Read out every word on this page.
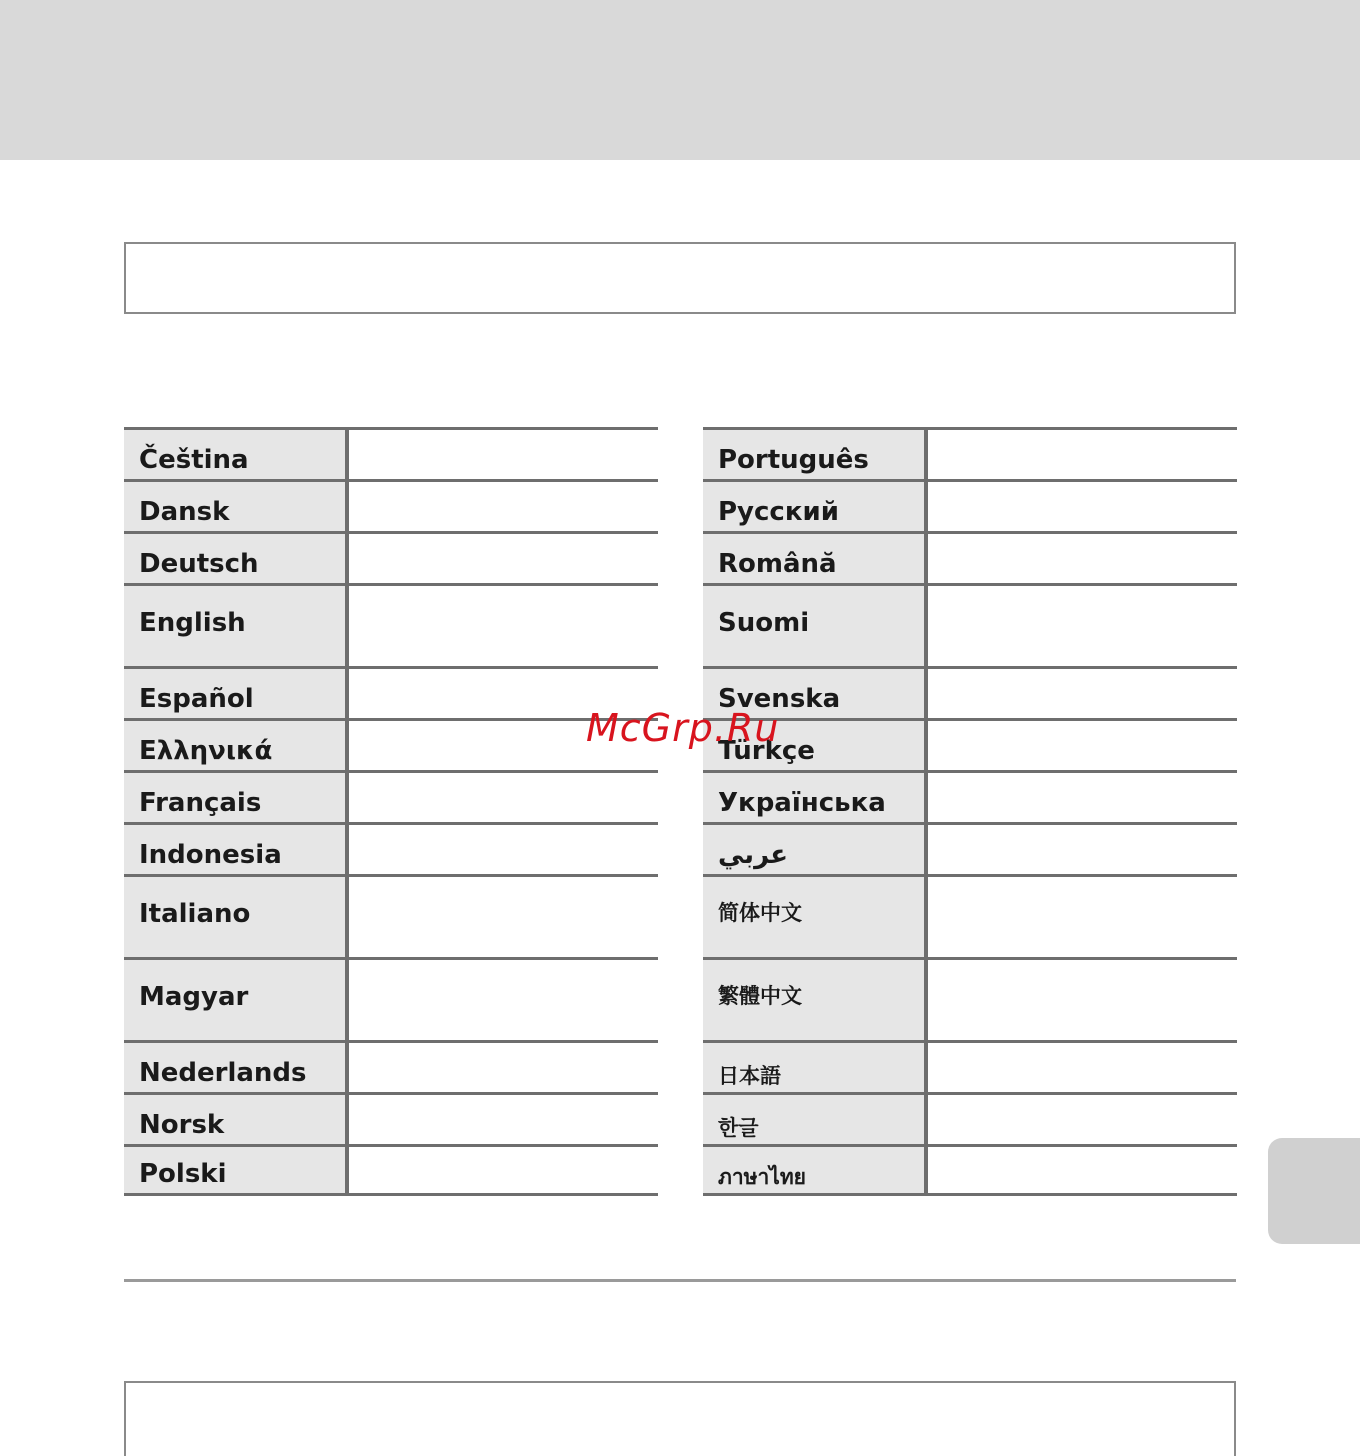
Čeština
Dansk
Deutsch
English
Español
Ελληνικά
Français
Indonesia
Italiano
Magyar
Nederlands
Norsk
Polski
Português
Русский
Română
Suomi
Svenska
Türkçe
Українська
عربي
简体中文
繁體中文
日本語
한글
ภาษาไทย
McGrp.Ru
